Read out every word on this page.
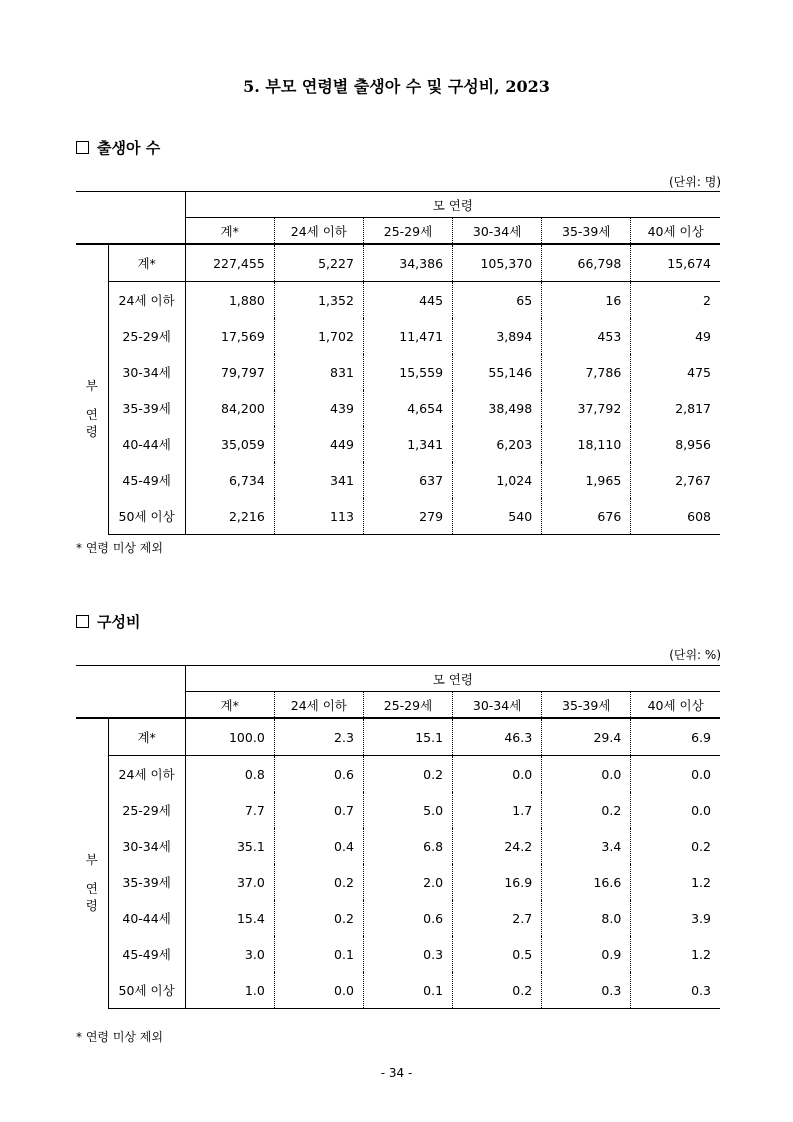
5. 부모 연령별 출생아 수 및 구성비, 2023
출생아 수
(단위: 명)
		모 연령					
		계*	24세 이하	25-29세	30-34세	35-39세	40세 이상
	계*	227,455	5,227	34,386	105,370	66,798	15,674

부
연
령	24세 이하	1,880	1,352	445	65	16	2
	25-29세	17,569	1,702	11,471	3,894	453	49
	30-34세	79,797	831	15,559	55,146	7,786	475
	35-39세	84,200	439	4,654	38,498	37,792	2,817
	40-44세	35,059	449	1,341	6,203	18,110	8,956
	45-49세	6,734	341	637	1,024	1,965	2,767
	50세 이상	2,216	113	279	540	676	608
* 연령 미상 제외
구성비
(단위: %)
		모 연령					
		계*	24세 이하	25-29세	30-34세	35-39세	40세 이상
	계*	100.0	2.3	15.1	46.3	29.4	6.9

부
연
령	24세 이하	0.8	0.6	0.2	0.0	0.0	0.0
	25-29세	7.7	0.7	5.0	1.7	0.2	0.0
	30-34세	35.1	0.4	6.8	24.2	3.4	0.2
	35-39세	37.0	0.2	2.0	16.9	16.6	1.2
	40-44세	15.4	0.2	0.6	2.7	8.0	3.9
	45-49세	3.0	0.1	0.3	0.5	0.9	1.2
	50세 이상	1.0	0.0	0.1	0.2	0.3	0.3
* 연령 미상 제외
- 34 -
